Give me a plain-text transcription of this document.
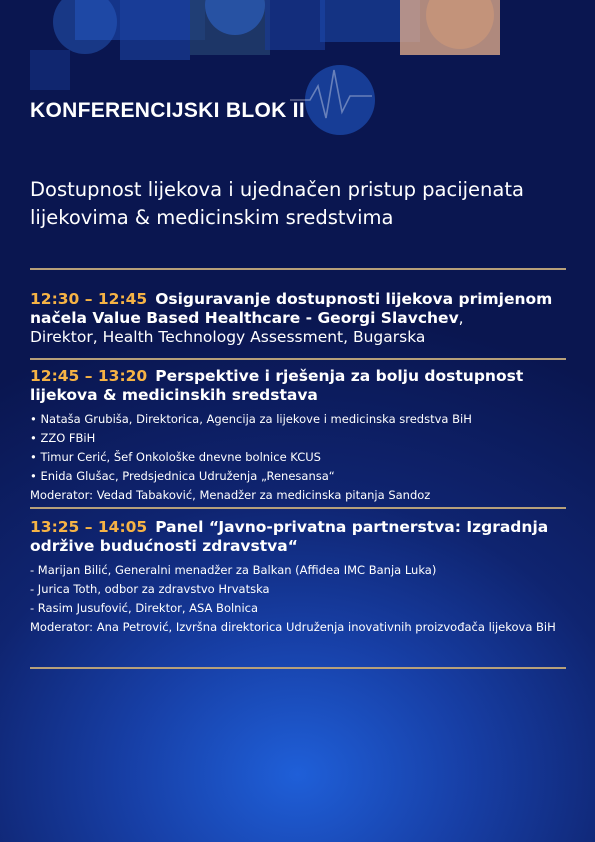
KONFERENCIJSKI BLOK II

Dostupnost lijekova i ujednačen pristup pacijenata lijekovima & medicinskim sredstvima

12:30 – 12:45 Osiguravanje dostupnosti lijekova primjenom načela Value Based Healthcare - Georgi Slavchev,

Direktor, Health Technology Assessment, Bugarska

12:45 – 13:20 Perspektive i rješenja za bolju dostupnost lijekova & medicinskih sredstava

• Nataša Grubiša, Direktorica, Agencija za lijekove i medicinska sredstva BiH
• ZZO FBiH
• Timur Cerić, Šef Onkološke dnevne bolnice KCUS
• Enida Glušac, Predsjednica Udruženja „Renesansa“

Moderator: Vedad Tabaković, Menadžer za medicinska pitanja Sandoz

13:25 – 14:05 Panel “Javno-privatna partnerstva: Izgradnja održive budućnosti zdravstva“

- Marijan Bilić, Generalni menadžer za Balkan (Affidea IMC Banja Luka)
- Jurica Toth, odbor za zdravstvo Hrvatska
- Rasim Jusufović, Direktor, ASA Bolnica

Moderator: Ana Petrović, Izvršna direktorica Udruženja inovativnih proizvođača lijekova BiH
